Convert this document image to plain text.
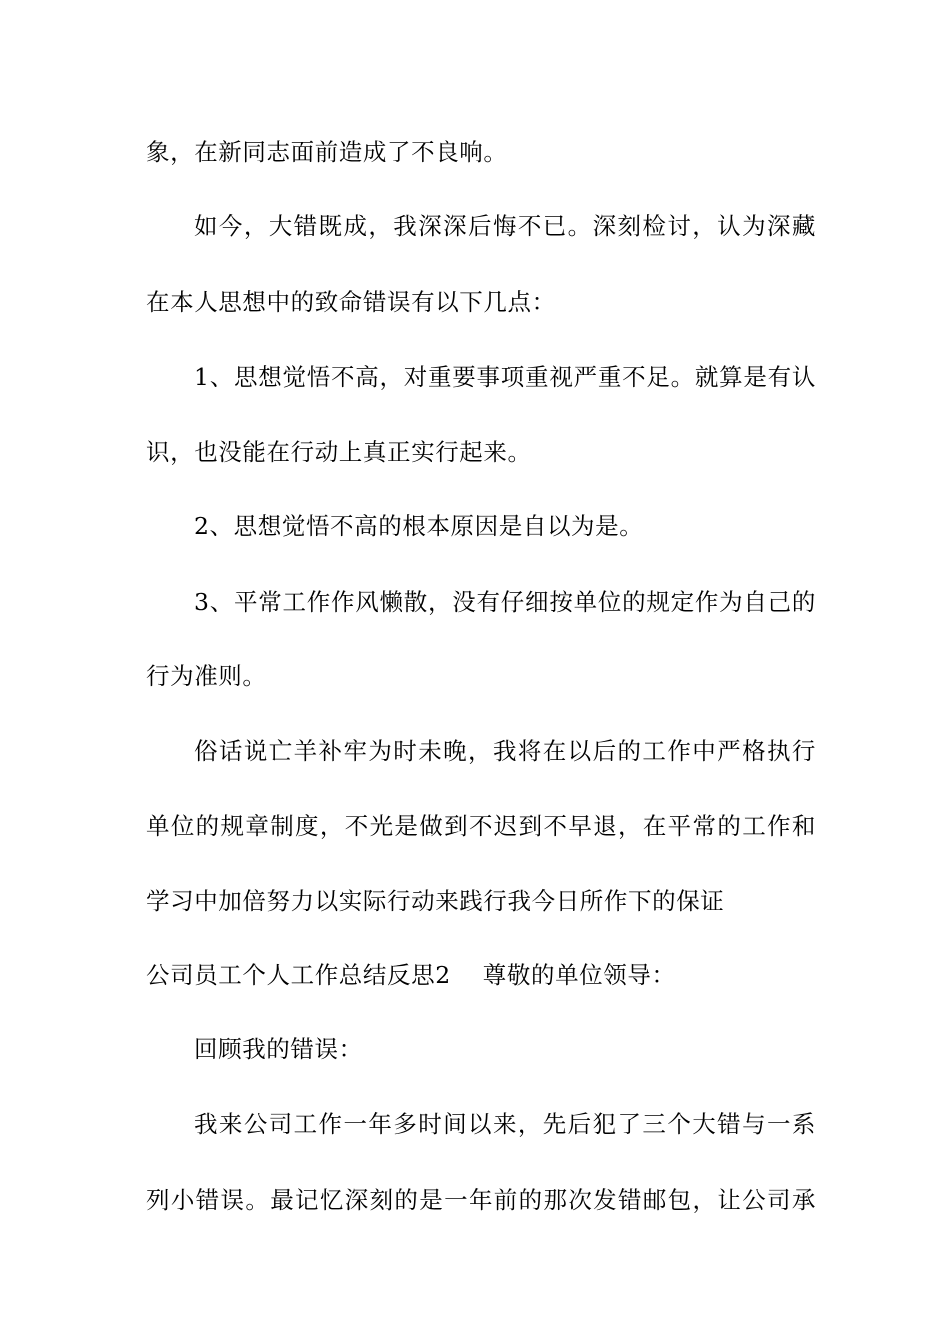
象，在新同志面前造成了不良响。
如今，大错既成，我深深后悔不已。深刻检讨，认为深藏
在本人思想中的致命错误有以下几点：
1、思想觉悟不高，对重要事项重视严重不足。就算是有认
识，也没能在行动上真正实行起来。
2、思想觉悟不高的根本原因是自以为是。
3、平常工作作风懒散，没有仔细按单位的规定作为自己的
行为准则。
俗话说亡羊补牢为时未晚，我将在以后的工作中严格执行
单位的规章制度，不光是做到不迟到不早退，在平常的工作和
学习中加倍努力以实际行动来践行我今日所作下的保证
公司员工个人工作总结反思2 尊敬的单位领导：
回顾我的错误：
我来公司工作一年多时间以来，先后犯了三个大错与一系
列小错误。最记忆深刻的是一年前的那次发错邮包，让公司承
